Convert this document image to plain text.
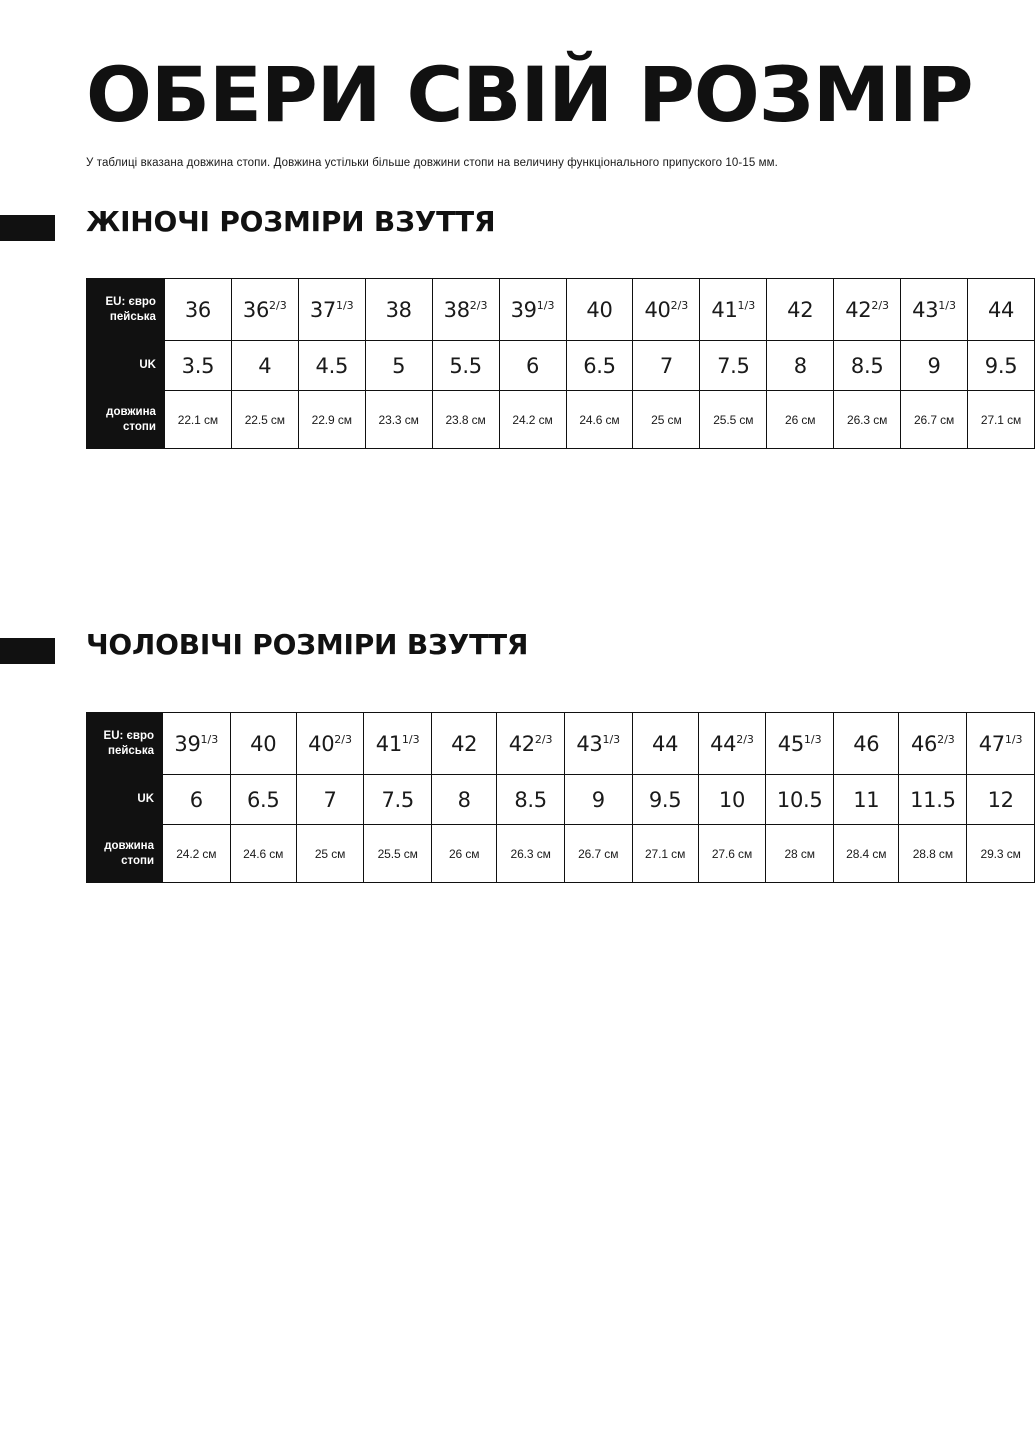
ОБЕРИ СВІЙ РОЗМІР

У таблиці вказана довжина стопи. Довжина устільки більше довжини стопи на величину функціонального припуского 10-15 мм.

ЖІНОЧІ РОЗМІРИ ВЗУТТЯ
EU: євро
пейська	36	$36^{2/3}$	$37^{1/3}$	38	$38^{2/3}$	$39^{1/3}$	40	$40^{2/3}$	$41^{1/3}$	42	$42^{2/3}$	$43^{1/3}$	44
UK	3.5	4	4.5	5	5.5	6	6.5	7	7.5	8	8.5	9	9.5

довжина
стопи	22.1 см	22.5 см	22.9 см	23.3 см	23.8 см	24.2 см	24.6 см	25 см	25.5 см	26 см	26.3 см	26.7 см	27.1 см
ЧОЛОВІЧІ РОЗМІРИ ВЗУТТЯ
EU: євро
пейська	$39^{1/3}$	40	$40^{2/3}$	$41^{1/3}$	42	$42^{2/3}$	$43^{1/3}$	44	$44^{2/3}$	$45^{1/3}$	46	$46^{2/3}$	$47^{1/3}$
UK	6	6.5	7	7.5	8	8.5	9	9.5	10	10.5	11	11.5	12

довжина
стопи	24.2 см	24.6 см	25 см	25.5 см	26 см	26.3 см	26.7 см	27.1 см	27.6 см	28 см	28.4 см	28.8 см	29.3 см
